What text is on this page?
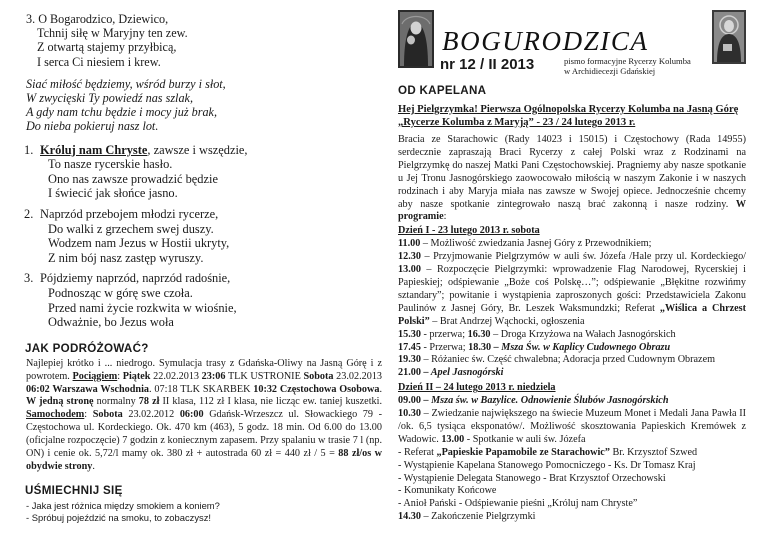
3. O Bogarodzico, Dziewico,
Tchnij siłę w Maryjny ten zew.
Z otwartą stajemy przyłbicą,
I serca Ci niesiem i krew.
Siać miłość będziemy, wśród burzy i słot,
W zwycięski Ty powiedź nas szlak,
A gdy nam tchu będzie i mocy już brak,
Do nieba pokieruj nasz lot.
1. Króluj nam Chryste, zawsze i wszędzie,
To nasze rycerskie hasło.
Ono nas zawsze prowadzić będzie
I świecić jak słońce jasno.
2. Naprzód przebojem młodzi rycerze,
Do walki z grzechem swej duszy.
Wodzem nam Jezus w Hostii ukryty,
Z nim bój nasz zastęp wyruszy.
3. Pójdziemy naprzód, naprzód radośnie,
Podnosząc w górę swe czoła.
Przed nami życie rozkwita w wiośnie,
Odważnie, bo Jezus woła
JAK PODRÓŻOWAĆ?
Najlepiej krótko i ... niedrogo. Symulacja trasy z Gdańska-Oliwy na Jasną Górę i z powrotem. Pociągiem: Piątek 22.02.2013 23:06 TLK USTRONIE Sobota 23.02.2013 06:02 Warszawa Wschodnia. 07:18 TLK SKARBEK 10:32 Częstochowa Osobowa. W jedną stronę normalny 78 zł II klasa, 112 zł I klasa, nie licząc ew. taniej kuszetki. Samochodem: Sobota 23.02.2012 06:00 Gdańsk-Wrzeszcz ul. Słowackiego 79 - Częstochowa ul. Kordeckiego. Ok. 470 km (463), 5 godz. 18 min. Od 6.00 do 13.00 (oficjalne rozpoczęcie) 7 godzin z koniecznym zapasem. Przy spalaniu w trasie 7 l (np. ON) i cenie ok. 5,72/l mamy ok. 380 zł + autostrada 60 zł = 440 zł / 5 = 88 zł/os w obydwie strony.
UŚMIECHNIJ SIĘ
- Jaka jest różnica między smokiem a koniem?
- Spróbuj pojeździć na smoku, to zobaczysz!
BOGURODZICA
nr 12 / II 2013	pismo formacyjne Rycerzy Kolumba
w Archidiecezji Gdańskiej
OD KAPELANA
Hej Pielgrzymka! Pierwsza Ogólnopolska Rycerzy Kolumba na Jasną Górę „Rycerze Kolumba z Maryją” - 23 / 24 lutego 2013 r.
Bracia ze Starachowic (Rady 14023 i 15015) i Częstochowy (Rada 14955) serdecznie zapraszają Braci Rycerzy z całej Polski wraz z Rodzinami na Pielgrzymkę do naszej Matki Pani Częstochowskiej. Pragniemy aby nasze spotkanie u Jej Tronu Jasnogórskiego zaowocowało miłością w naszym Zakonie i w naszych rodzinach i aby Maryja miała nas zawsze w Swojej opiece. Jednocześnie chcemy aby nasze spotkanie zintegrowało naszą brać zakonną i nasze rodziny. W programie:
Dzień I - 23 lutego 2013 r. sobota
11.00 – Możliwość zwiedzania Jasnej Góry z Przewodnikiem;
12.30 – Przyjmowanie Pielgrzymów w auli św. Józefa /Hale przy ul. Kordeckiego/ 13.00 – Rozpoczęcie Pielgrzymki: wprowadzenie Flag Narodowej, Rycerskiej i Papieskiej; odśpiewanie „Boże coś Polskę…”; odśpiewanie „Błękitne rozwińmy sztandary”; powitanie i wystąpienia zaproszonych gości: Przedstawiciela Zakonu Paulinów z Jasnej Góry, Br. Leszek Waksmundzki; Referat „Wiślica a Chrzest Polski” – Brat Andrzej Wąchocki, ogłoszenia
15.30 - przerwa; 16.30 – Droga Krzyżowa na Wałach Jasnogórskich
17.45 - Przerwa; 18.30 – Msza Św. w Kaplicy Cudownego Obrazu
19.30 – Różaniec św. Część chwalebna; Adoracja przed Cudownym Obrazem
21.00 – Apel Jasnogórski
Dzień II – 24 lutego 2013 r. niedziela
09.00 – Msza św. w Bazylice. Odnowienie Ślubów Jasnogórskich
10.30 – Zwiedzanie największego na świecie Muzeum Monet i Medali Jana Pawła II /ok. 6,5 tysiąca eksponatów/. Możliwość skosztowania Papieskich Kremówek z Wadowic. 13.00 - Spotkanie w auli św. Józefa
- Referat „Papieskie Papamobile ze Starachowic” Br. Krzysztof Szwed
- Wystąpienie Kapelana Stanowego Pomocniczego - Ks. Dr Tomasz Kraj
- Wystąpienie Delegata Stanowego - Brat Krzysztof Orzechowski
- Komunikaty Końcowe
- Anioł Pański - Odśpiewanie pieśni „Króluj nam Chryste”
14.30 – Zakończenie Pielgrzymki
